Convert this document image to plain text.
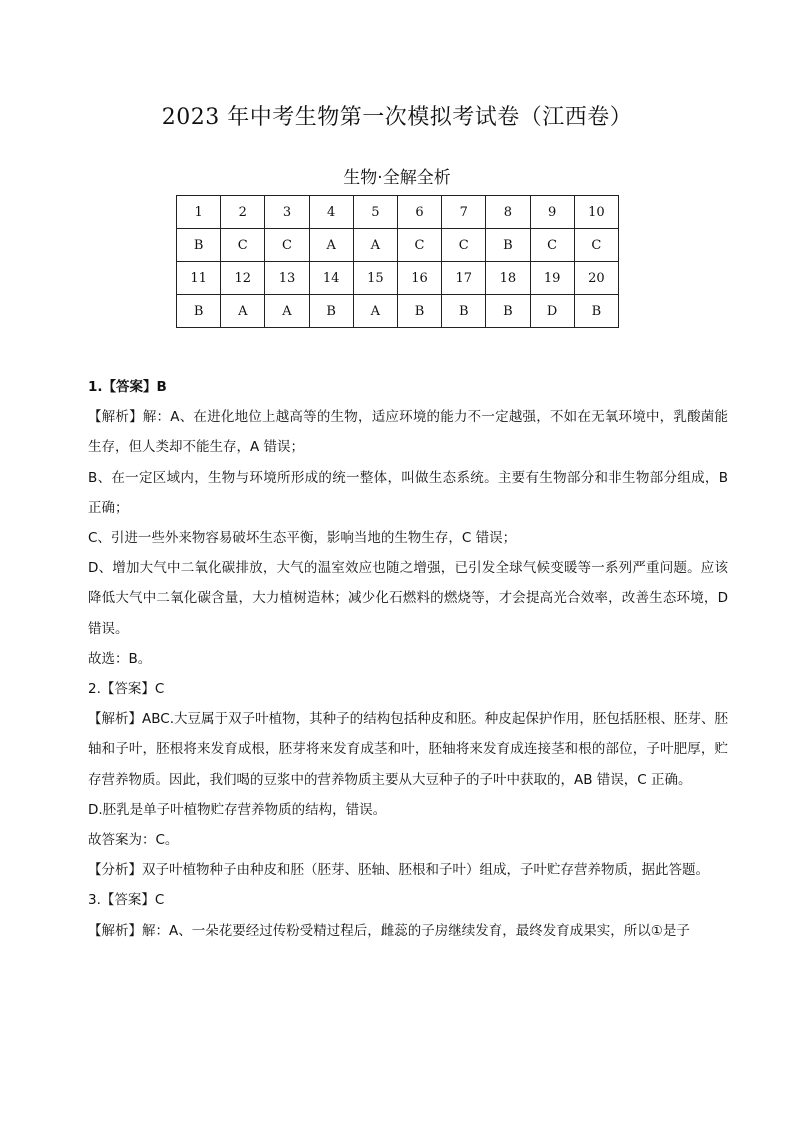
2023 年中考生物第一次模拟考试卷（江西卷）
生物·全解全析
1	2	3	4	5	6	7	8	9	10
B	C	C	A	A	C	C	B	C	C
11	12	13	14	15	16	17	18	19	20
B	A	A	B	A	B	B	B	D	B

1.【答案】B

【解析】解：A、在进化地位上越高等的生物，适应环境的能力不一定越强，不如在无氧环境中，乳酸菌能生存，但人类却不能生存，A 错误；

B、在一定区域内，生物与环境所形成的统一整体，叫做生态系统。主要有生物部分和非生物部分组成，B 正确；

C、引进一些外来物容易破坏生态平衡，影响当地的生物生存，C 错误；

D、增加大气中二氧化碳排放，大气的温室效应也随之增强，已引发全球气候变暖等一系列严重问题。应该降低大气中二氧化碳含量，大力植树造林；减少化石燃料的燃烧等，才会提高光合效率，改善生态环境，D 错误。

故选：B。

2.【答案】C

【解析】ABC.大豆属于双子叶植物，其种子的结构包括种皮和胚。种皮起保护作用，胚包括胚根、胚芽、胚轴和子叶，胚根将来发育成根，胚芽将来发育成茎和叶，胚轴将来发育成连接茎和根的部位，子叶肥厚，贮存营养物质。因此，我们喝的豆浆中的营养物质主要从大豆种子的子叶中获取的，AB 错误，C 正确。

D.胚乳是单子叶植物贮存营养物质的结构，错误。

故答案为：C。

【分析】双子叶植物种子由种皮和胚（胚芽、胚轴、胚根和子叶）组成，子叶贮存营养物质，据此答题。

3.【答案】C

【解析】解：A、一朵花要经过传粉受精过程后，雌蕊的子房继续发育，最终发育成果实，所以①是子
